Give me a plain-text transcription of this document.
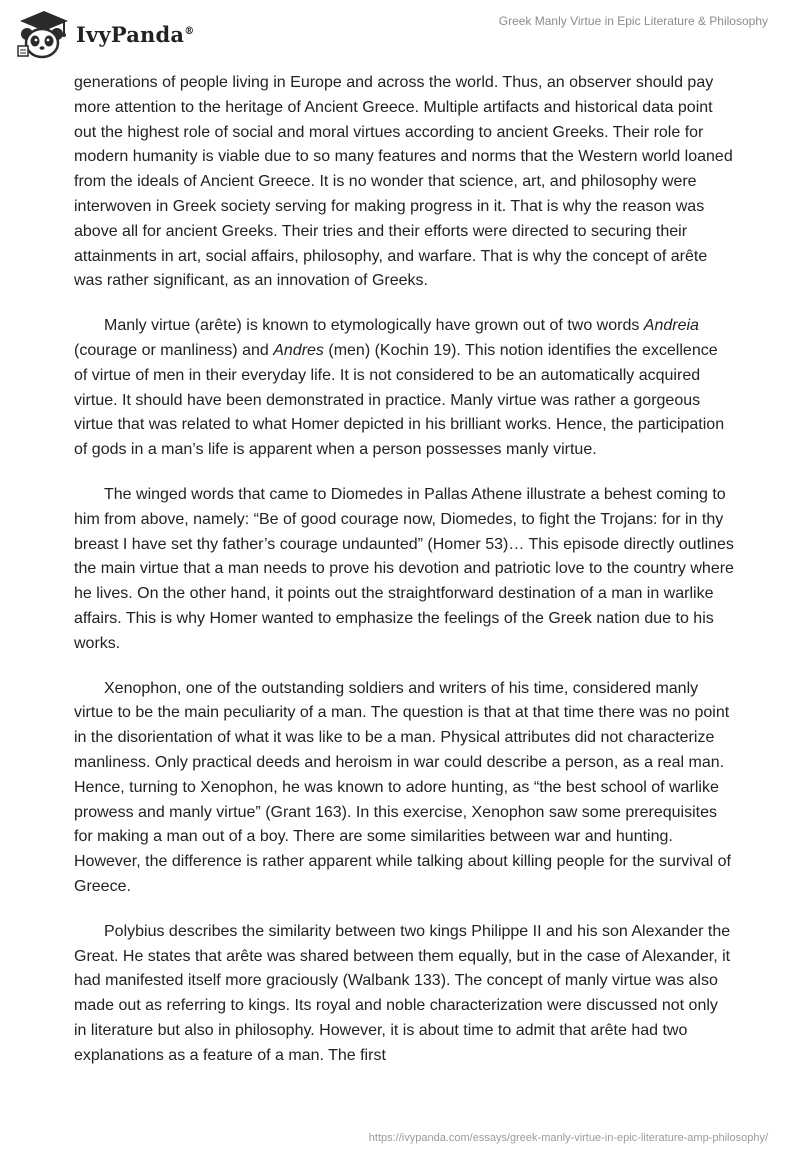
IvyPanda®
Greek Manly Virtue in Epic Literature & Philosophy

generations of people living in Europe and across the world. Thus, an observer should pay more attention to the heritage of Ancient Greece. Multiple artifacts and historical data point out the highest role of social and moral virtues according to ancient Greeks. Their role for modern humanity is viable due to so many features and norms that the Western world loaned from the ideals of Ancient Greece. It is no wonder that science, art, and philosophy were interwoven in Greek society serving for making progress in it. That is why the reason was above all for ancient Greeks. Their tries and their efforts were directed to securing their attainments in art, social affairs, philosophy, and warfare. That is why the concept of arête was rather significant, as an innovation of Greeks.

Manly virtue (arête) is known to etymologically have grown out of two words Andreia (courage or manliness) and Andres (men) (Kochin 19). This notion identifies the excellence of virtue of men in their everyday life. It is not considered to be an automatically acquired virtue. It should have been demonstrated in practice. Manly virtue was rather a gorgeous virtue that was related to what Homer depicted in his brilliant works. Hence, the participation of gods in a man’s life is apparent when a person possesses manly virtue.

The winged words that came to Diomedes in Pallas Athene illustrate a behest coming to him from above, namely: “Be of good courage now, Diomedes, to fight the Trojans: for in thy breast I have set thy father’s courage undaunted” (Homer 53)… This episode directly outlines the main virtue that a man needs to prove his devotion and patriotic love to the country where he lives. On the other hand, it points out the straightforward destination of a man in warlike affairs. This is why Homer wanted to emphasize the feelings of the Greek nation due to his works.

Xenophon, one of the outstanding soldiers and writers of his time, considered manly virtue to be the main peculiarity of a man. The question is that at that time there was no point in the disorientation of what it was like to be a man. Physical attributes did not characterize manliness. Only practical deeds and heroism in war could describe a person, as a real man. Hence, turning to Xenophon, he was known to adore hunting, as “the best school of warlike prowess and manly virtue” (Grant 163). In this exercise, Xenophon saw some prerequisites for making a man out of a boy. There are some similarities between war and hunting. However, the difference is rather apparent while talking about killing people for the survival of Greece.

Polybius describes the similarity between two kings Philippe II and his son Alexander the Great. He states that arête was shared between them equally, but in the case of Alexander, it had manifested itself more graciously (Walbank 133). The concept of manly virtue was also made out as referring to kings. Its royal and noble characterization were discussed not only in literature but also in philosophy. However, it is about time to admit that arête had two explanations as a feature of a man. The first

https://ivypanda.com/essays/greek-manly-virtue-in-epic-literature-amp-philosophy/
